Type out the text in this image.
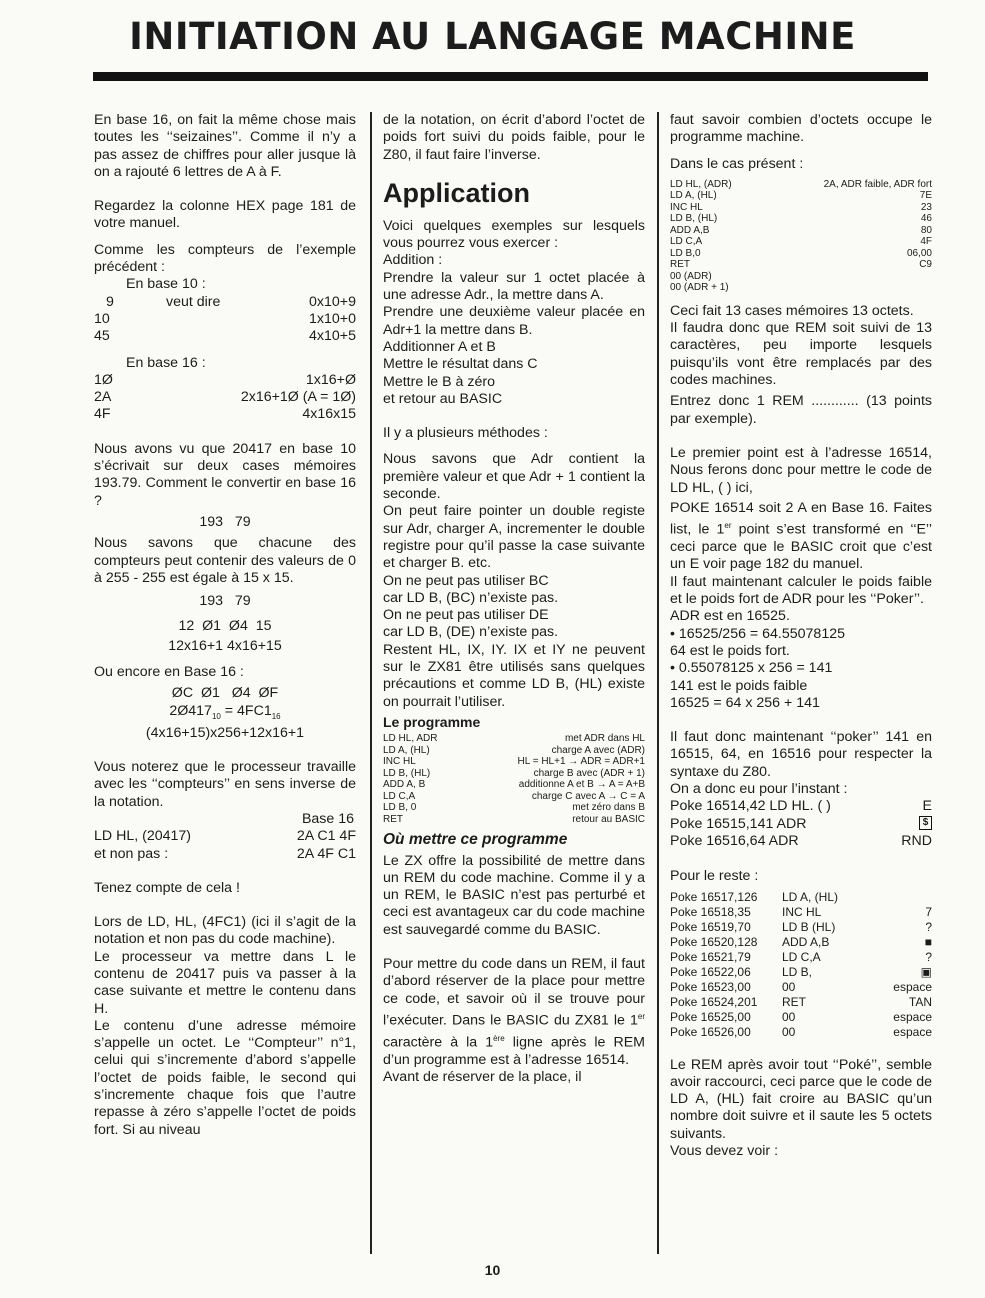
INITIATION AU LANGAGE MACHINE

En base 16, on fait la même chose mais toutes les ‘‘seizaines’’. Comme il n’y a pas assez de chiffres pour aller jusque là on a rajouté 6 lettres de A à F.

Regardez la colonne HEX page 181 de votre manuel.

Comme les compteurs de l’exemple précédent :

En base 10 :

9	veut dire	0x10+9
10	1x10+0
45	4x10+5

En base 16 :

1Ø	1x16+Ø
2A	2x16+1Ø (A = 1Ø)
4F	4x16x15

Nous avons vu que 20417 en base 10 s’écrivait sur deux cases mémoires 193.79. Comment le convertir en base 16 ?

193   79

Nous savons que chacune des compteurs peut contenir des valeurs de 0 à 255 - 255 est égale à 15 x 15.

193   79

12  Ø1  Ø4  15

12x16+1 4x16+15

Ou encore en Base 16 :

ØC  Ø1   Ø4  ØF

$2Ø417_{10} = 4FC1_{16}$

(4x16+15)x256+12x16+1

Vous noterez que le processeur travaille avec les ‘‘compteurs’’ en sens inverse de la notation.

Base 16

LD HL, (20417)	2A C1 4F
et non pas :	2A 4F C1

Tenez compte de cela !

Lors de LD, HL, (4FC1) (ici il s’agit de la notation et non pas du code machine).

Le processeur va mettre dans L le contenu de 20417 puis va passer à la case suivante et mettre le contenu dans H.

Le contenu d’une adresse mémoire s’appelle un octet. Le ‘‘Compteur’’ n°1, celui qui s’incremente d’abord s’appelle l’octet de poids faible, le second qui s’incremente chaque fois que l’autre repasse à zéro s’appelle l’octet de poids fort. Si au niveau

de la notation, on écrit d’abord l’octet de poids fort suivi du poids faible, pour le Z80, il faut faire l’inverse.

Application

Voici quelques exemples sur lesquels vous pourrez vous exercer :

Addition :

Prendre la valeur sur 1 octet placée à une adresse Adr., la mettre dans A.

Prendre une deuxième valeur placée en Adr+1 la mettre dans B.

Additionner A et B

Mettre le résultat dans C

Mettre le B à zéro

et retour au BASIC

Il y a plusieurs méthodes :

Nous savons que Adr contient la première valeur et que Adr + 1 contient la seconde.

On peut faire pointer un double registe sur Adr, charger A, incrementer le double registre pour qu’il passe la case suivante et charger B. etc.

On ne peut pas utiliser BC

car LD B, (BC) n’existe pas.

On ne peut pas utiliser DE

car LD B, (DE) n’existe pas.

Restent HL, IX, IY. IX et IY ne peuvent sur le ZX81 être utilisés sans quelques précautions et comme LD B, (HL) existe on pourrait l’utiliser.

Le programme
LD HL, ADR	met ADR dans HL
LD A, (HL)	charge A avec (ADR)
INC HL	HL = HL+1 → ADR = ADR+1
LD B, (HL)	charge B avec (ADR + 1)
ADD A, B	additionne A et B → A = A+B
LD C,A	charge C avec A → C = A
LD B, 0	met zéro dans B
RET	retour au BASIC
Où mettre ce programme

Le ZX offre la possibilité de mettre dans un REM du code machine. Comme il y a un REM, le BASIC n’est pas perturbé et ceci est avantageux car du code machine est sauvegardé comme du BASIC.

Pour mettre du code dans un REM, il faut d’abord réserver de la place pour mettre ce code, et savoir où il se trouve pour l’exécuter. Dans le BASIC du ZX81 le 1er caractère à la 1ère ligne après le REM d’un programme est à l’adresse 16514.

Avant de réserver de la place, il

faut savoir combien d’octets occupe le programme machine.

Dans le cas présent :

LD HL, (ADR)	2A, ADR faible, ADR fort
LD A, (HL)	7E
INC HL	23
LD B, (HL)	46
ADD A,B	80
LD C,A	4F
LD B,0	06,00
RET	C9
00 (ADR)
00 (ADR + 1)

Ceci fait 13 cases mémoires 13 octets.

Il faudra donc que REM soit suivi de 13 caractères, peu importe lesquels puisqu’ils vont être remplacés par des codes machines.

Entrez donc 1 REM ............ (13 points par exemple).

Le premier point est à l’adresse 16514, Nous ferons donc pour mettre le code de LD HL, ( ) ici,

POKE 16514 soit 2 A en Base 16. Faites list, le 1er point s’est transformé en ‘‘E’’ ceci parce que le BASIC croit que c’est un E voir page 182 du manuel.

Il faut maintenant calculer le poids faible et le poids fort de ADR pour les ‘‘Poker’’.

ADR est en 16525.

• 16525/256 = 64.55078125

64 est le poids fort.

• 0.55078125 x 256 = 141

141 est le poids faible

16525 = 64 x 256 + 141

Il faut donc maintenant ‘‘poker’’ 141 en 16515, 64, en 16516 pour respecter la syntaxe du Z80.

On a donc eu pour l’instant :

Poke 16514,42 LD HL. ( )	E
Poke 16515,141 ADR	$
Poke 16516,64 ADR	RND

Pour le reste :

Poke 16517,126	LD A, (HL)
Poke 16518,35	INC HL	7
Poke 16519,70	LD B (HL)	?
Poke 16520,128	ADD A,B	■
Poke 16521,79	LD C,A	?
Poke 16522,06	LD B,	▣
Poke 16523,00	00	espace
Poke 16524,201	RET	TAN
Poke 16525,00	00	espace
Poke 16526,00	00	espace

Le REM après avoir tout ‘‘Poké’’, semble avoir raccourci, ceci parce que le code de LD A, (HL) fait croire au BASIC qu’un nombre doit suivre et il saute les 5 octets suivants.

Vous devez voir :

10
